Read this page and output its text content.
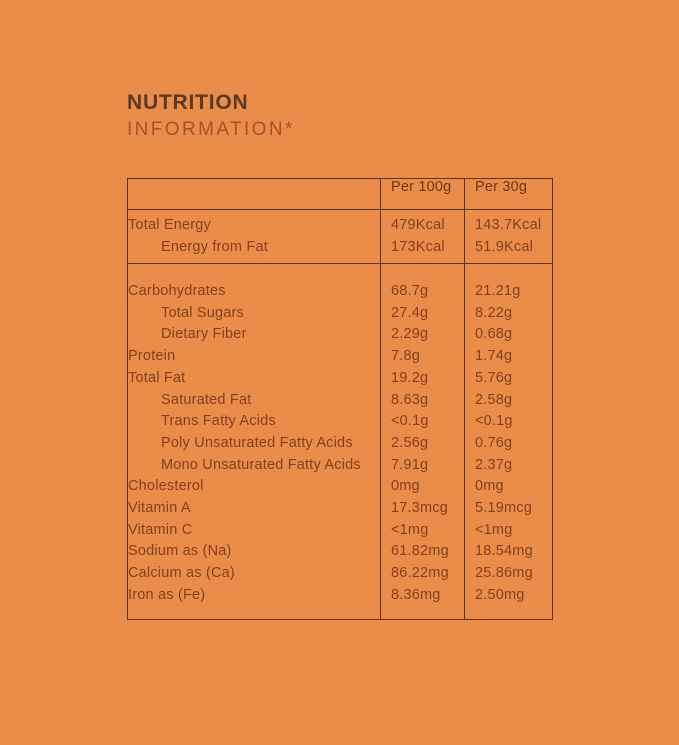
NUTRITION
INFORMATION*
	Per 100g	Per 30g
Total Energy	479Kcal	143.7Kcal
Energy from Fat	173Kcal	51.9Kcal
Carbohydrates	68.7g	21.21g
Total Sugars	27.4g	8.22g
Dietary Fiber	2.29g	0.68g
Protein	7.8g	1.74g
Total Fat	19.2g	5.76g
Saturated Fat	8.63g	2.58g
Trans Fatty Acids	<0.1g	<0.1g
Poly Unsaturated Fatty Acids	2.56g	0.76g
Mono Unsaturated Fatty Acids	7.91g	2.37g
Cholesterol	0mg	0mg
Vitamin A	17.3mcg	5.19mcg
Vitamin C	<1mg	<1mg
Sodium as (Na)	61.82mg	18.54mg
Calcium as (Ca)	86.22mg	25.86mg
Iron as (Fe)	8.36mg	2.50mg
